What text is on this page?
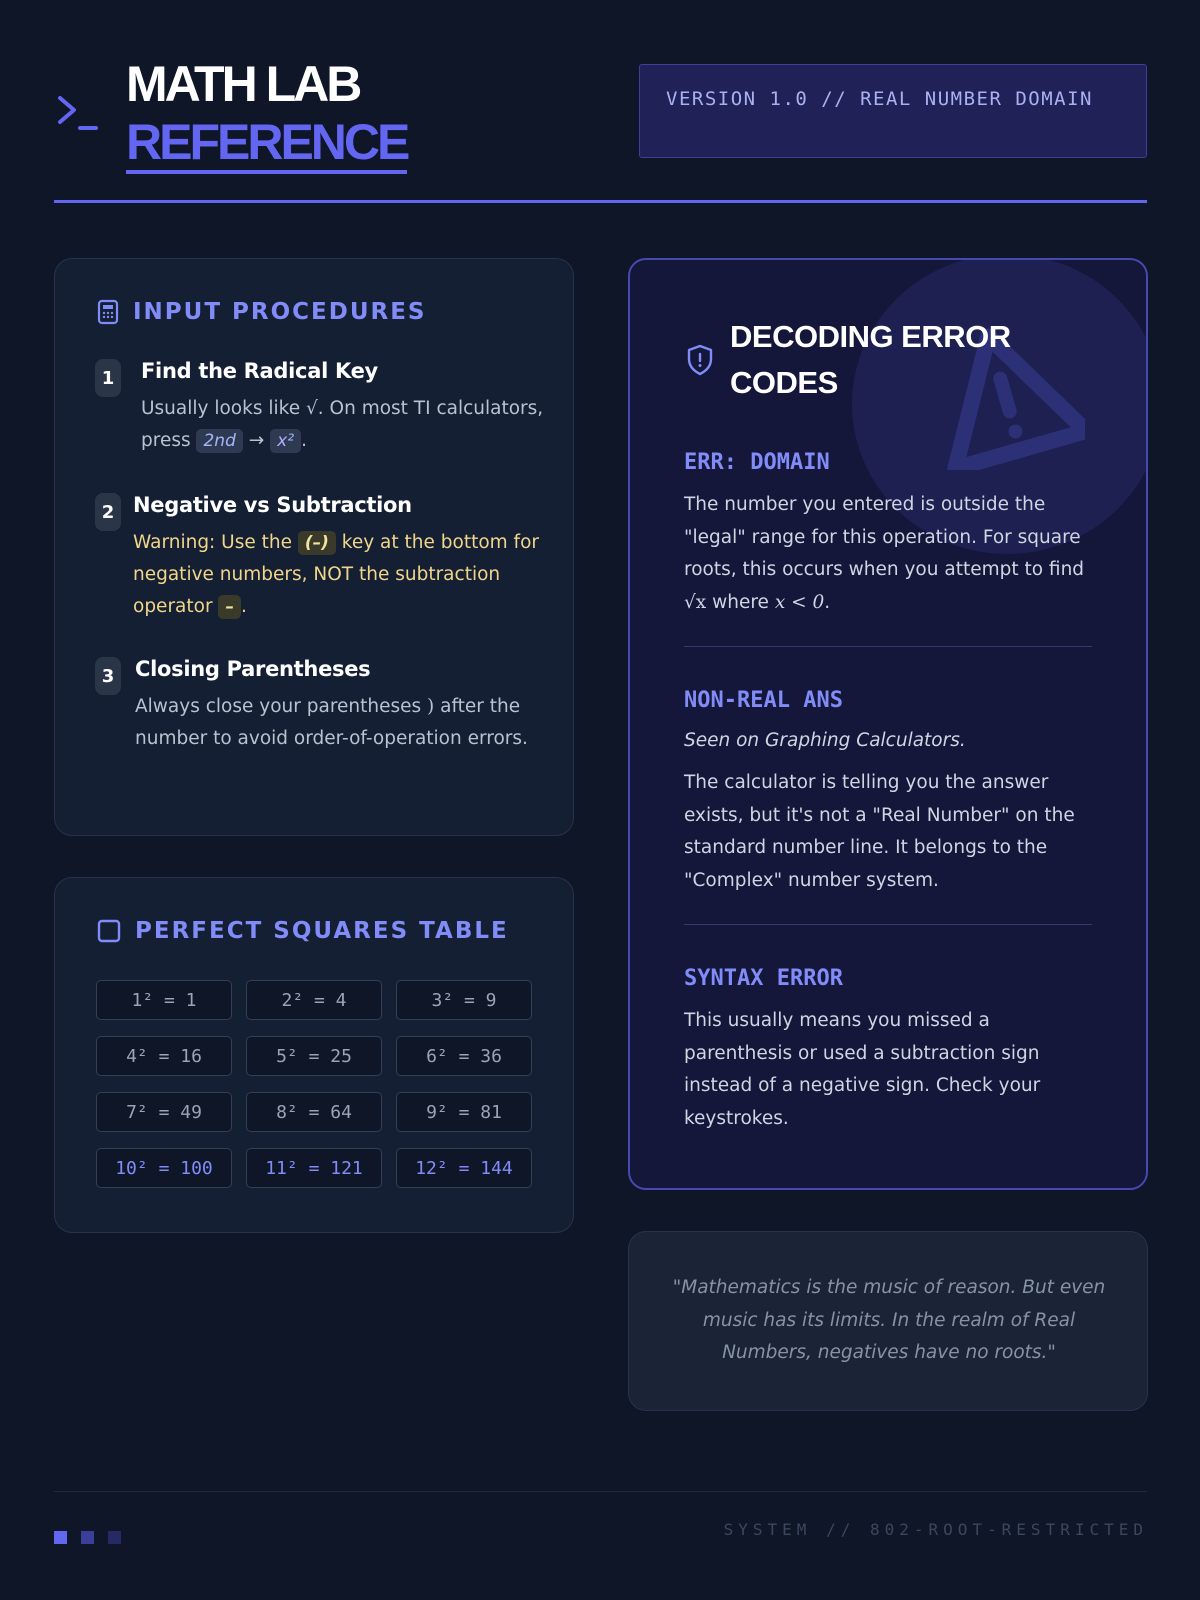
MATH LAB
REFERENCE
VERSION 1.0 // REAL NUMBER DOMAIN
INPUT PROCEDURES
1	Find the Radical Key
Usually looks like √. On most TI calculators, press 2nd → x² .
2 Negative vs Subtraction
Warning: Use the (–) key at the bottom for negative numbers, NOT the subtraction operator – .
3 Closing Parentheses
Always close your parentheses ) after the number to avoid order-of-operation errors.
PERFECT SQUARES TABLE
1² = 1	2² = 4	3² = 9
4² = 16	5² = 25	6² = 36
7² = 49	8² = 64	9² = 81
10² = 100	11² = 121	12² = 144
DECODING ERROR CODES
ERR: DOMAIN
The number you entered is outside the "legal" range for this operation. For square roots, this occurs when you attempt to find √x where x < 0.
NON-REAL ANS
Seen on Graphing Calculators.
The calculator is telling you the answer exists, but it's not a "Real Number" on the standard number line. It belongs to the "Complex" number system.
SYNTAX ERROR
This usually means you missed a parenthesis or used a subtraction sign instead of a negative sign. Check your keystrokes.
"Mathematics is the music of reason. But even music has its limits. In the realm of Real Numbers, negatives have no roots."
SYSTEM // 802-ROOT-RESTRICTED
